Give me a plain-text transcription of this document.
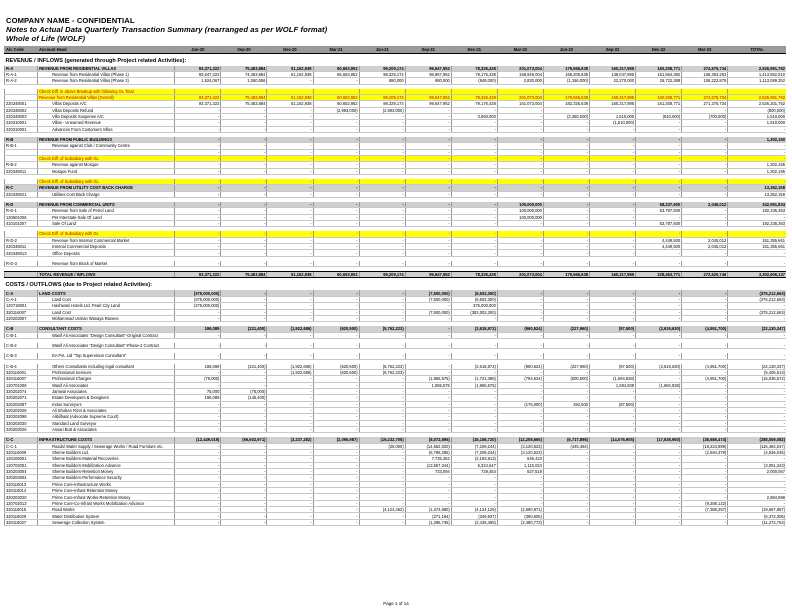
COMPANY NAME - CONFIDENTIAL
Notes to Actual Data Quarterly Transaction Summary (rearranged as per WOLF format)
Whole of Life (WOLF)
A/c Code	Account Head	Jun-20	Sep-20	Dec-20	Mar-21	Jun-21	Sep-21	Dec-21	Mar-22	Jun-22	Sep-22	Dec-22	Mar-23	TOTAL
REVENUE / INFLOWS (generated through Project related Activities):														
R-A	REVENUE FROM RESIDENTIAL VILLAS	93,371,322	75,483,884	51,162,938	60,653,952	99,209,174	99,647,952	78,326,438	201,073,004	179,666,638	160,317,895	160,208,771	274,575,734	2,526,991,762
R-A-1	Revenue from Residential Villas (Phase 1)	93,647,322	74,483,884	51,162,938	65,653,952	98,329,174	98,967,952	79,176,438	158,945,004	168,205,638	138,047,895	151,564,382	168,353,253	1,413,552,510
R-A-2	Revenue from Residential Villas (Phase 2)	1,524,067	1,060,556	-	-	880,000	680,000	(848,000)	2,830,000	(1,156,000)	22,270,000	26,722,389	106,222,875	1,113,089,252

	Check Diff. in above Breakup with following GL Total													
	Revenue from Residential Villas (Overall)	93,371,322	75,483,884	51,162,938	60,653,952	99,209,174	99,647,952	78,326,438	201,073,004	179,666,638	160,317,895	160,208,771	274,575,734	2,526,991,762
220348001	Villas Deposits A/C	93,371,322	75,483,884	51,162,938	60,653,952	98,329,174	99,647,952	79,176,438	161,073,004	182,326,638	160,317,895	161,208,771	271,375,734	2,526,201,752
220348002	Villas Deposits Refund	-	-	-	(2,993,000)	(2,993,000)	-	-	-	-	-	-	-	(800,000)
220348003	Villa Deposits Suspense A/C	-	-	-	-	-	-	3,860,000	-	(2,350,000)	1,510,000	(810,000)	(700,000)	1,510,000
220310001	Villas - Unearned Revenue	-	-	-	-	-	-	-	-	-	(1,510,000)	-	-	1,510,000
220310001	Advances From Customers Villas	-	-	-	-	-	-	-	-	-	-	-	-	-

R-B	REVENUE FROM PUBLIC BUILDINGS	-	-	-	-	-	-	-	-	-	-	-	-	1,302,160
R-B-1	Revenue against Club / Community Centre	-	-	-	-	-	-	-	-	-	-	-	-	-
		-	-	-	-	-	-	-	-	-	-	-	-	-
	Check Diff. of Subsidiary with GL	-	-	-	-	-	-	-	-	-	-	-	-	-
R-B-2	Revenue against Mosque	-	-	-	-	-	-	-	-	-	-	-	-	1,302,165
220348011	Mosque Fund	-	-	-	-	-	-	-	-	-	-	-	-	1,302,165

	Check Diff. of Subsidiary with GL	-	-	-	-	-	-	-	-	-	-	-	-	-
R-C	REVENUE FROM UTILITY COST BACK CHARGE	-	-	-	-	-	-	-	-	-	-	-	-	13,362,158
220348021	Utilities Cost Back Charge	-	-	-	-	-	-	-	-	-	-	-	-	13,362,158

R-D	REVENUE FROM COMMERCIAL UNITS	-	-	-	-	-	-	-	100,000,000	-	-	58,237,600	2,045,012	342,591,834
R-D-1	Revenue from Sale of Petrol Land	-	-	-	-	-	-	-	100,000,000	-	-	53,787,500	-	192,235,363
120601006	Pet Interstate-Sale Of Land	-	-	-	-	-	-	-	100,000,000	-	-	-	-	-
410101007	Sale Of Land	-	-	-	-	-	-	-	-	-	-	53,787,500	-	192,235,363

	Check Diff. of Subsidiary with GL	-	-	-	-	-	-	-	-	-	-	-	-	-
R-D-2	Revenue from Internal Commercial Market	-	-	-	-	-	-	-	-	-	-	4,449,500	2,045,012	151,355,661
220348011	Internal Commercial Deposits	-	-	-	-	-	-	-	-	-	-	4,449,500	2,045,012	151,355,661
220348013	Office Deposits	-	-	-	-	-	-	-	-	-	-	-	-	-

R-D-3	Revenue from Block of Market	-	-	-	-	-	-	-	-	-	-	-	-	-

	TOTAL REVENUE / INFLOWS	93,371,322	75,483,884	51,162,938	60,653,952	99,209,174	99,647,952	78,326,438	201,073,004	179,666,638	160,317,895	228,463,771	272,620,746	3,302,606,137
COSTS / OUTFLOWS (due to Project related Activities):														
C-A	LAND COSTS	(375,000,000)	-	-	-	-	(7,500,000)	(6,502,300)	-	-	-	-	-	(375,212,663)
C-A-1	Land Cost	(375,000,000)	-	-	-	-	(7,500,000)	(6,502,300)	-	-	-	-	-	(375,212,663)
120718001	Hashwani Hotels Ltd. Pearl City Land	(375,000,000)	-	-	-	-	-	375,000,000	-	-	-	-	-	-
320116007	Land Cost	-	-	-	-	-	(7,500,000)	(383,002,300)	-	-	-	-	-	(375,212,663)
220203007	Mohammad Usman Wasaya Ravees	-	-	-	-	-	-	-	-	-	-	-	-	-

C-B	CONSULTANT COSTS	196,089	(221,400)	(1,922,686)	(620,500)	(5,762,223)	-	(2,615,972)	(960,524)	(227,960)	(97,500)	(2,619,630)	(4,951,700)	(22,130,347)
C-B-1	Wasif Ali Associates "Design Consultant"-Original Contract	-	-	-	-	-	-	-	-	-	-	-	-	-

C-B-2	Wasif Ali Associates "Design Consultant"-Phase-2 Contract	-	-	-	-	-	-	-	-	-	-	-	-	-

C-B-3	EA Pvt. Ltd "Top Supervision Consultant"	-	-	-	-	-	-	-	-	-	-	-	-	-

C-B-4	Others Consultants including legal consultant	196,089	(221,400)	(1,922,686)	(620,500)	(5,762,223)	-	(2,615,972)	(960,524)	(227,960)	(97,500)	(2,619,630)	(4,951,700)	(22,130,347)
320116001	Professional Services	-	-	(1,922,686)	(620,500)	(5,762,223)	-	-	-	-	-	-	-	(5,405,613)
320116007	Professional Charges	(75,000)	-	-	-	-	(1,955,575)	(1,721,396)	(794,524)	(500,000)	(1,694,838)	-	(4,951,700)	(15,036,672)
120701006	Wasif Ali Associates	-	-	-	-	-	1,955,575	(1,955,575)	-	-	1,694,838	(1,694,838)	-	-
320202074	Jamwal Associates	75,000	(75,000)	-	-	-	-	-	-	-	-	-	-	-
320202071	Estate Developers & Designers	196,089	(146,400)	-	-	-	-	-	-	-	-	-	-	-
320202087	Indus Surveyors	-	-	-	-	-	-	-	(175,000)	262,500	(87,500)	-	-	-
320202028	Ali Shoban Rizvi & Associates	-	-	-	-	-	-	-	-	-	-	-	-	-
320202098	Alibilhaat (Advocate Supreme Court)	-	-	-	-	-	-	-	-	-	-	-	-	-
320202030	Standard Land Surveyor	-	-	-	-	-	-	-	-	-	-	-	-	-
220203026	Ansari Butt & Associates	-	-	-	-	-	-	-	-	-	-	-	-	-

C-C	INFRASTRUCTURE COSTS	(12,449,019)	(66,602,971)	(3,237,282)	(2,095,987)	(19,232,705)	(8,072,895)	(15,158,720)	(12,208,665)	(6,717,895)	(14,076,905)	(17,638,950)	(38,686,474)	(288,059,082)
C-C-1	Roads/ Water Supply / Sewerage Works / Road Furniture etc.	-	-	-	-	(25,000)	(14,662,020)	(7,209,244)	(3,120,523)	(445,484)	-	-	(18,223,989)	(116,484,047)
320116009	Sheme Builders Ltd.	-	-	-	-	-	(6,785,285)	(7,209,244)	(3,120,523)	-	-	-	(2,694,378)	(4,536,045)
120105001	Sheme Builders-Material Recoveries	-	-	-	-	-	7,735,352	(2,183,913)	645,423	-	-	-	-	-
120702001	Sheme Builders-Mobilization Advance	-	-	-	-	-	(13,557,344)	6,324,647	1,115,024	-	-	-	-	(3,081,343)
320203004	Sheme Builders-Retention Money	-	-	-	-	-	733,094	729,454	537,519	-	-	-	-	2,000,067
320203004	Sheme Builders-Performance Security	-	-	-	-	-	-	-	-	-	-	-	-	-
320116013	Prime Core-Infrastructure Works	-	-	-	-	-	-	-	-	-	-	-	-	-
320116014	Prime Core-Infrast Retention Money	-	-	-	-	-	-	-	-	-	-	-	-	-
320203020	Prime Core-Infrast Works-Retention Money	-	-	-	-	-	-	-	-	-	-	-	-	2,884,898
120702013	Prime Core-Co-Infrast Works Mobilization Advance	-	-	-	-	-	-	-	-	-	-	-	(9,288,122)	-
320116015	Road Works	-	-	-	-	(4,124,462)	(1,374,680)	(4,124,125)	(2,690,971)	-	-	-	(7,388,257)	(19,667,887)
320116029	Water Distribution System	-	-	-	-	-	(271,194)	(349,937)	(390,605)	-	-	-	-	(6,372,306)
320116027	Sewerage Collection System	-	-	-	-	-	(1,285,735)	(2,425,455)	(2,480,773)	-	-	-	-	(11,272,763)
Page 1 of 14
